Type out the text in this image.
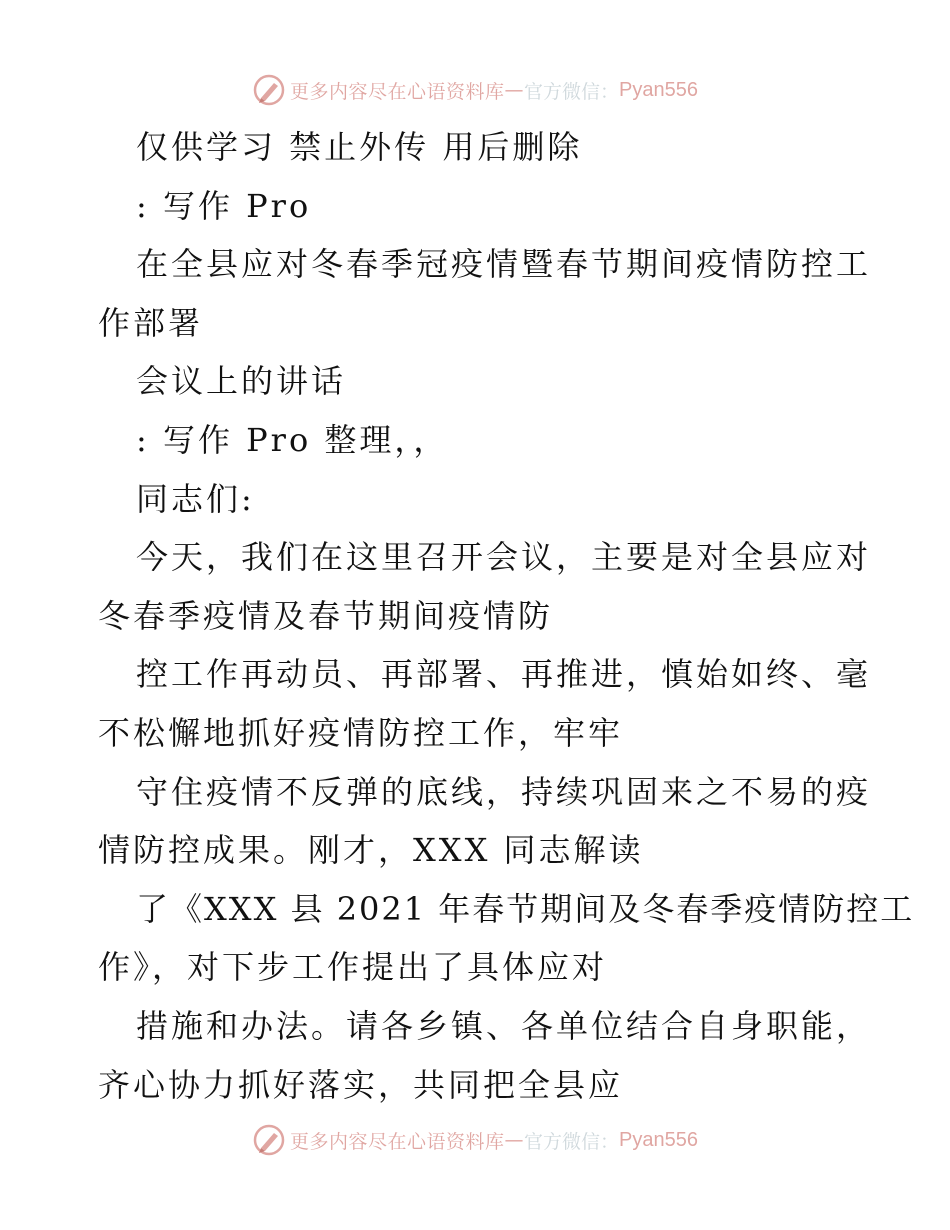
更多内容尽在心语资料库 — 官方微信： Pyan556
仅供学习 禁止外传 用后删除
: 写作 Pro
在全县应对冬春季冠疫情暨春节期间疫情防控工
作部署
会议上的讲话
: 写作 Pro 整理，，
同志们:
今天，我们在这里召开会议，主要是对全县应对
冬春季疫情及春节期间疫情防
控工作再动员、再部署、再推进，慎始如终、毫
不松懈地抓好疫情防控工作，牢牢
守住疫情不反弹的底线，持续巩固来之不易的疫
情防控成果。刚才，XXX 同志解读
了《XXX 县 2021 年春节期间及冬春季疫情防控工
作》，对下步工作提出了具体应对
措施和办法。请各乡镇、各单位结合自身职能，
齐心协力抓好落实，共同把全县应
更多内容尽在心语资料库 — 官方微信： Pyan556
